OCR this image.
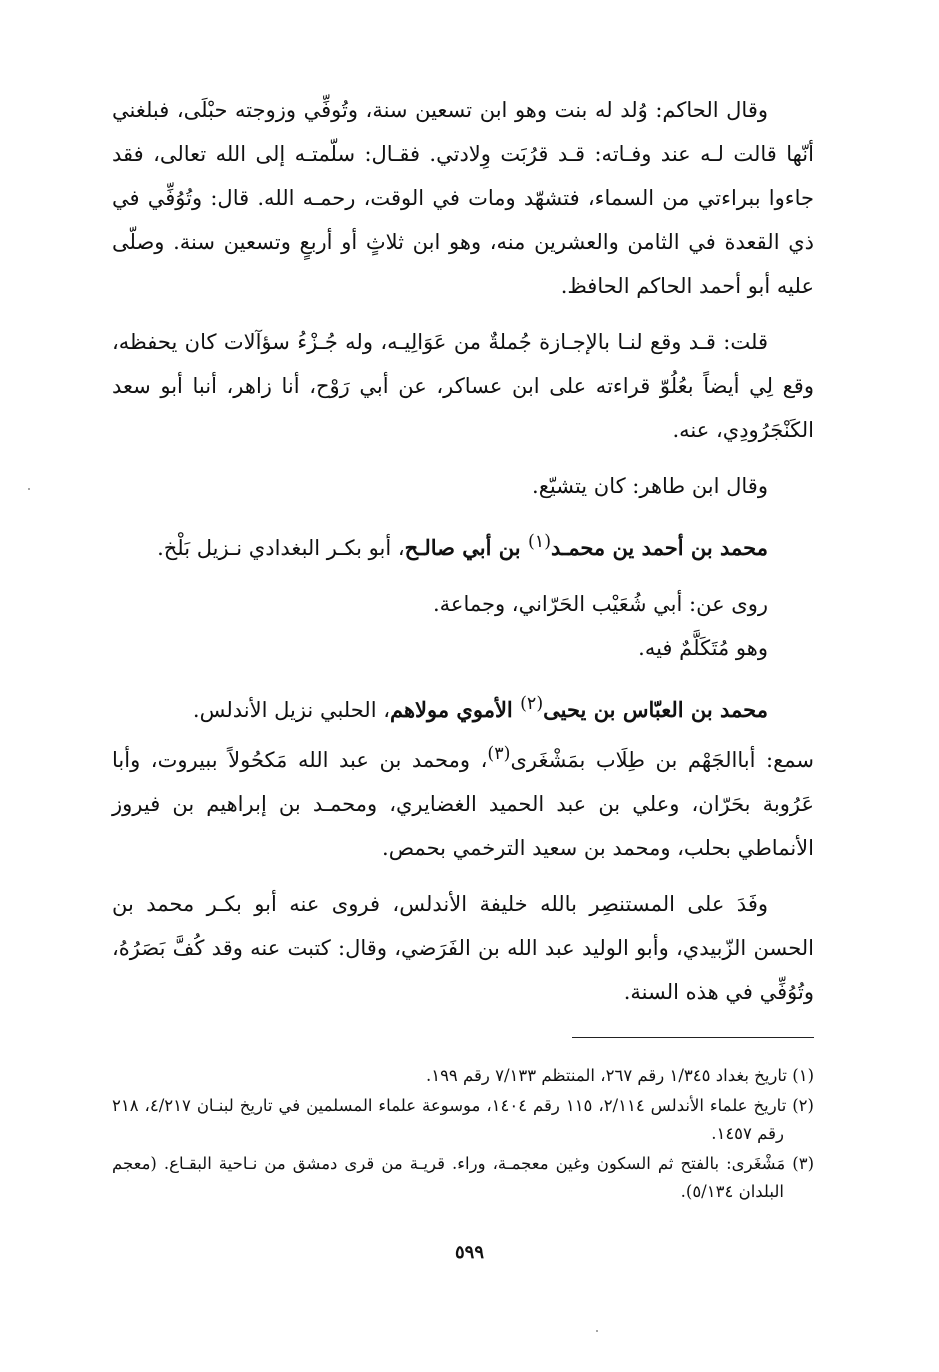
وقال الحاكم: وُلد له بنت وهو ابن تسعين سنة، وتُوفِّي وزوجته حبْلَى، فبلغني أنّها قالت لـه عند وفـاته: قـد قرُبَت وِلادتي. فقـال: سلّمتـه إلى الله تعالى، فقد جاءوا ببراءتي من السماء، فتشهّد ومات في الوقت، رحمـه الله. قال: وتُوُفِّي في ذي القعدة في الثامن والعشرين منه، وهو ابن ثلاثٍ أو أربعٍ وتسعين سنة. وصلّى عليه أبو أحمد الحاكم الحافظ.

قلت: قـد وقع لنـا بالإجـازة جُملةٌ من عَوَالِيـه، وله جُـزْءُ سؤآلات كان يحفظه، وقع لِي أيضاً بعُلُوّ قراءته على ابن عساكر، عن أبي رَوْح، أنا زاهر، أنبا أبو سعد الكَنْجَرُودِي، عنه.

وقال ابن طاهر: كان يتشيّع.

محمد بن أحمد ين محمـد$^{(١)}$ بن أبي صالـح، أبو بكـر البغدادي نـزيل بَلْخ.

روى عن: أبي شُعَيْب الحَرّاني، وجماعة.

وهو مُتَكَلَّمٌ فيه.

محمد بن العبّاس بن يحيى$^{(٢)}$ الأموي مولاهم، الحلبي نزيل الأندلس.

سمع: أباالجَهْم بن طِلَاب بمَشْغَرى$^{(٣)}$، ومحمد بن عبد الله مَكحُولاً ببيروت، وأبا عَرُوبة بحَرّان، وعلي بن عبد الحميد الغضايري، ومحمـد بن إبراهيم بن فيروز الأنماطي بحلب، ومحمد بن سعيد الترخمي بحمص.

وفَدَ على المستنصِر بالله خليفة الأندلس، فروى عنه أبو بكـر محمد بن الحسن الزّبيدي، وأبو الوليد عبد الله بن الفَرَضي، وقال: كتبت عنه وقد كُفَّ بَصَرُهُ، وتُوُفِّي في هذه السنة.

(١) تاريخ بغداد ١/٣٤٥ رقم ٢٦٧، المنتظم ٧/١٣٣ رقم ١٩٩.

(٢) تاريخ علماء الأندلس ٢/١١٤، ١١٥ رقم ١٤٠٤، موسوعة علماء المسلمين في تاريخ لبنـان ٤/٢١٧، ٢١٨ رقم ١٤٥٧.

(٣) مَشْغَرى: بالفتح ثم السكون وغين معجمـة، وراء. قريـة من قرى دمشق من نـاحية البقـاع. (معجم البلدان ٥/١٣٤).

٥٩٩
